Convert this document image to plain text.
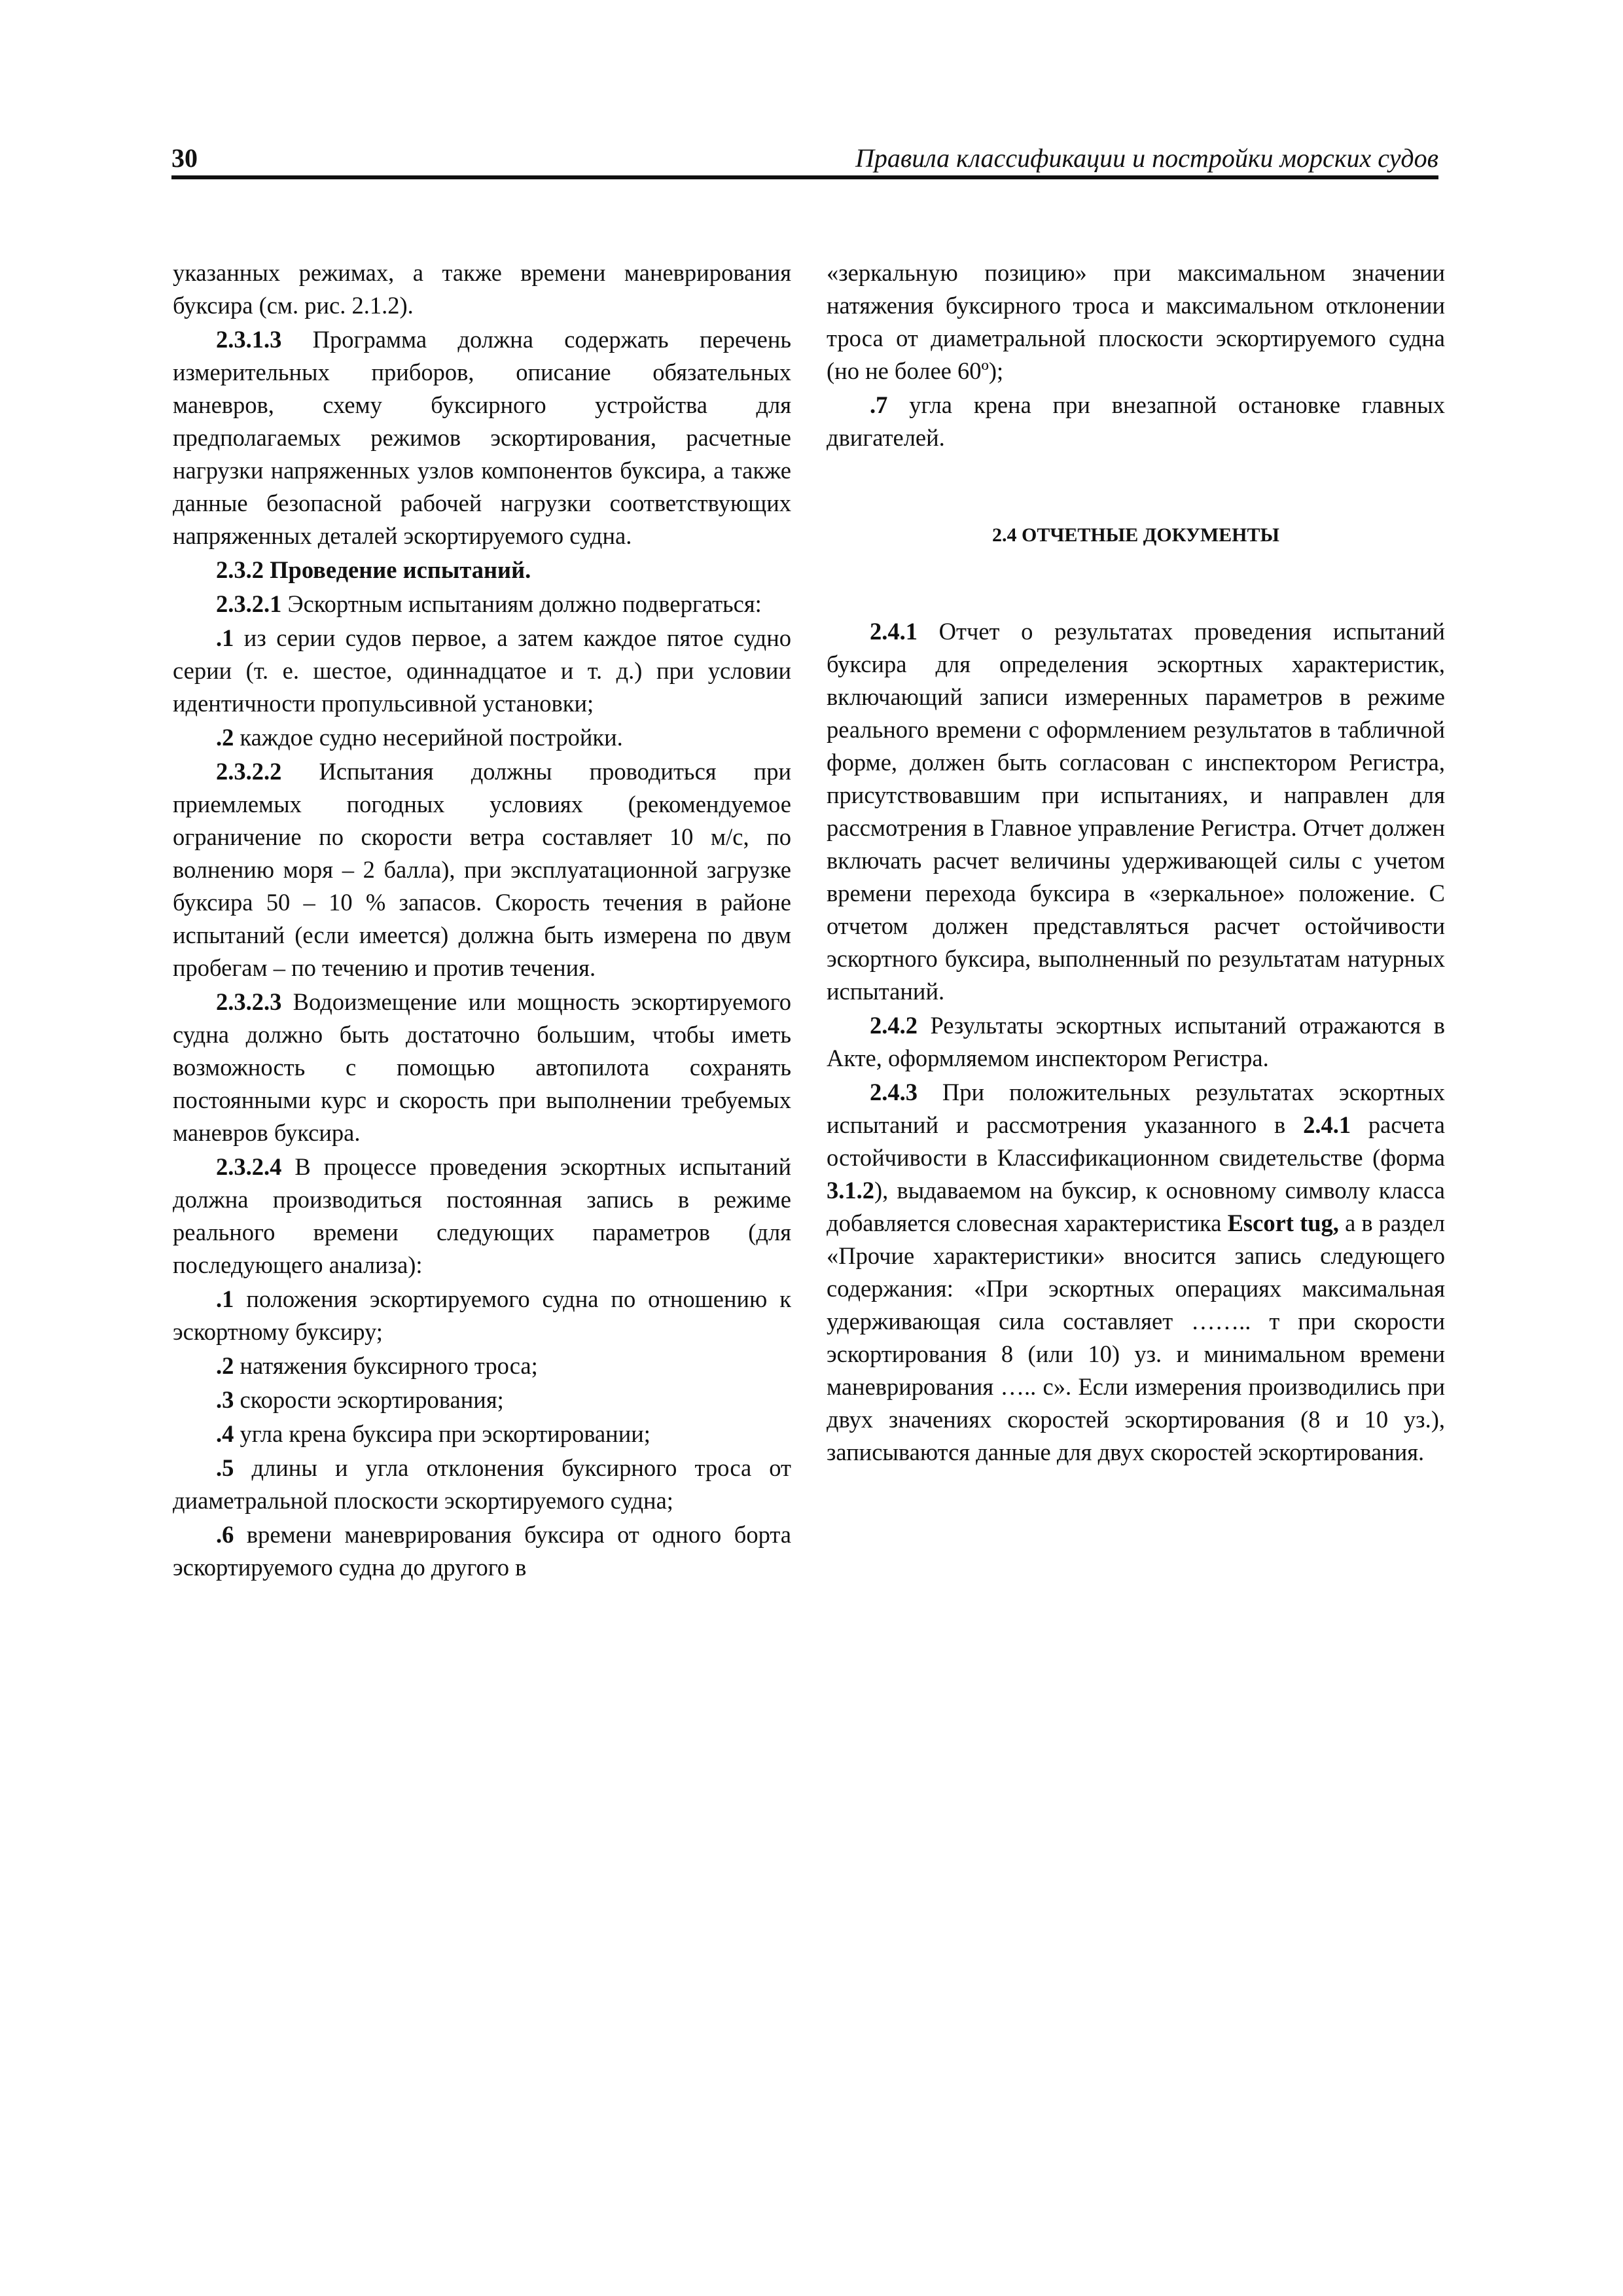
30	Правила классификации и постройки морских судов

указанных режимах, а также времени маневрирования буксира (см. рис. 2.1.2).

2.3.1.3 Программа должна содержать перечень измерительных приборов, описание обязательных маневров, схему буксирного устройства для предполагаемых режимов эскортирования, расчетные нагрузки напряженных узлов компонентов буксира, а также данные безопасной рабочей нагрузки соответствующих напряженных деталей эскортируемого судна.

2.3.2 Проведение испытаний.

2.3.2.1 Эскортным испытаниям должно подвергаться:

.1 из серии судов первое, а затем каждое пятое судно серии (т. е. шестое, одиннадцатое и т. д.) при условии идентичности пропульсивной установки;

.2 каждое судно несерийной постройки.

2.3.2.2 Испытания должны проводиться при приемлемых погодных условиях (рекомендуемое ограничение по скорости ветра составляет 10 м/с, по волнению моря – 2 балла), при эксплуатационной загрузке буксира 50 – 10 % запасов. Скорость течения в районе испытаний (если имеется) должна быть измерена по двум пробегам – по течению и против течения.

2.3.2.3 Водоизмещение или мощность эскортируемого судна должно быть достаточно большим, чтобы иметь возможность с помощью автопилота сохранять постоянными курс и скорость при выполнении требуемых маневров буксира.

2.3.2.4 В процессе проведения эскортных испытаний должна производиться постоянная запись в режиме реального времени следующих параметров (для последующего анализа):

.1 положения эскортируемого судна по отношению к эскортному буксиру;

.2 натяжения буксирного троса;

.3 скорости эскортирования;

.4 угла крена буксира при эскортировании;

.5 длины и угла отклонения буксирного троса от диаметральной плоскости эскортируемого судна;

.6 времени маневрирования буксира от одного борта эскортируемого судна до другого в

«зеркальную позицию» при максимальном значении натяжения буксирного троса и максимальном отклонении троса от диаметральной плоскости эскортируемого судна (но не более 60º);

.7 угла крена при внезапной остановке главных двигателей.

2.4 ОТЧЕТНЫЕ ДОКУМЕНТЫ

2.4.1 Отчет о результатах проведения испытаний буксира для определения эскортных характеристик, включающий записи измеренных параметров в режиме реального времени с оформлением результатов в табличной форме, должен быть согласован с инспектором Регистра, присутствовавшим при испытаниях, и направлен для рассмотрения в Главное управление Регистра. Отчет должен включать расчет величины удерживающей силы с учетом времени перехода буксира в «зеркальное» положение. С отчетом должен представляться расчет остойчивости эскортного буксира, выполненный по результатам натурных испытаний.

2.4.2 Результаты эскортных испытаний отражаются в Акте, оформляемом инспектором Регистра.

2.4.3 При положительных результатах эскортных испытаний и рассмотрения указанного в 2.4.1 расчета остойчивости в Классификационном свидетельстве (форма 3.1.2), выдаваемом на буксир, к основному символу класса добавляется словесная характеристика Escort tug, а в раздел «Прочие характеристики» вносится запись следующего содержания: «При эскортных операциях максимальная удерживающая сила составляет …….. т при скорости эскортирования 8 (или 10) уз. и минимальном времени маневрирования ….. с». Если измерения производились при двух значениях скоростей эскортирования (8 и 10 уз.), записываются данные для двух скоростей эскортирования.
